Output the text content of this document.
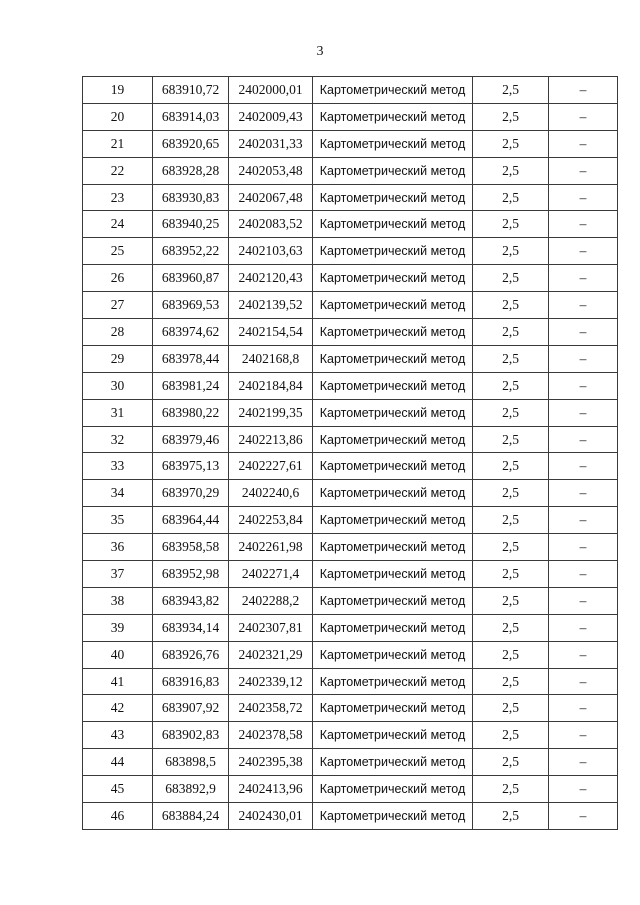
3
19	683910,72	2402000,01	Картометрический метод	2,5	–
20	683914,03	2402009,43	Картометрический метод	2,5	–
21	683920,65	2402031,33	Картометрический метод	2,5	–
22	683928,28	2402053,48	Картометрический метод	2,5	–
23	683930,83	2402067,48	Картометрический метод	2,5	–
24	683940,25	2402083,52	Картометрический метод	2,5	–
25	683952,22	2402103,63	Картометрический метод	2,5	–
26	683960,87	2402120,43	Картометрический метод	2,5	–
27	683969,53	2402139,52	Картометрический метод	2,5	–
28	683974,62	2402154,54	Картометрический метод	2,5	–
29	683978,44	2402168,8	Картометрический метод	2,5	–
30	683981,24	2402184,84	Картометрический метод	2,5	–
31	683980,22	2402199,35	Картометрический метод	2,5	–
32	683979,46	2402213,86	Картометрический метод	2,5	–
33	683975,13	2402227,61	Картометрический метод	2,5	–
34	683970,29	2402240,6	Картометрический метод	2,5	–
35	683964,44	2402253,84	Картометрический метод	2,5	–
36	683958,58	2402261,98	Картометрический метод	2,5	–
37	683952,98	2402271,4	Картометрический метод	2,5	–
38	683943,82	2402288,2	Картометрический метод	2,5	–
39	683934,14	2402307,81	Картометрический метод	2,5	–
40	683926,76	2402321,29	Картометрический метод	2,5	–
41	683916,83	2402339,12	Картометрический метод	2,5	–
42	683907,92	2402358,72	Картометрический метод	2,5	–
43	683902,83	2402378,58	Картометрический метод	2,5	–
44	683898,5	2402395,38	Картометрический метод	2,5	–
45	683892,9	2402413,96	Картометрический метод	2,5	–
46	683884,24	2402430,01	Картометрический метод	2,5	–
